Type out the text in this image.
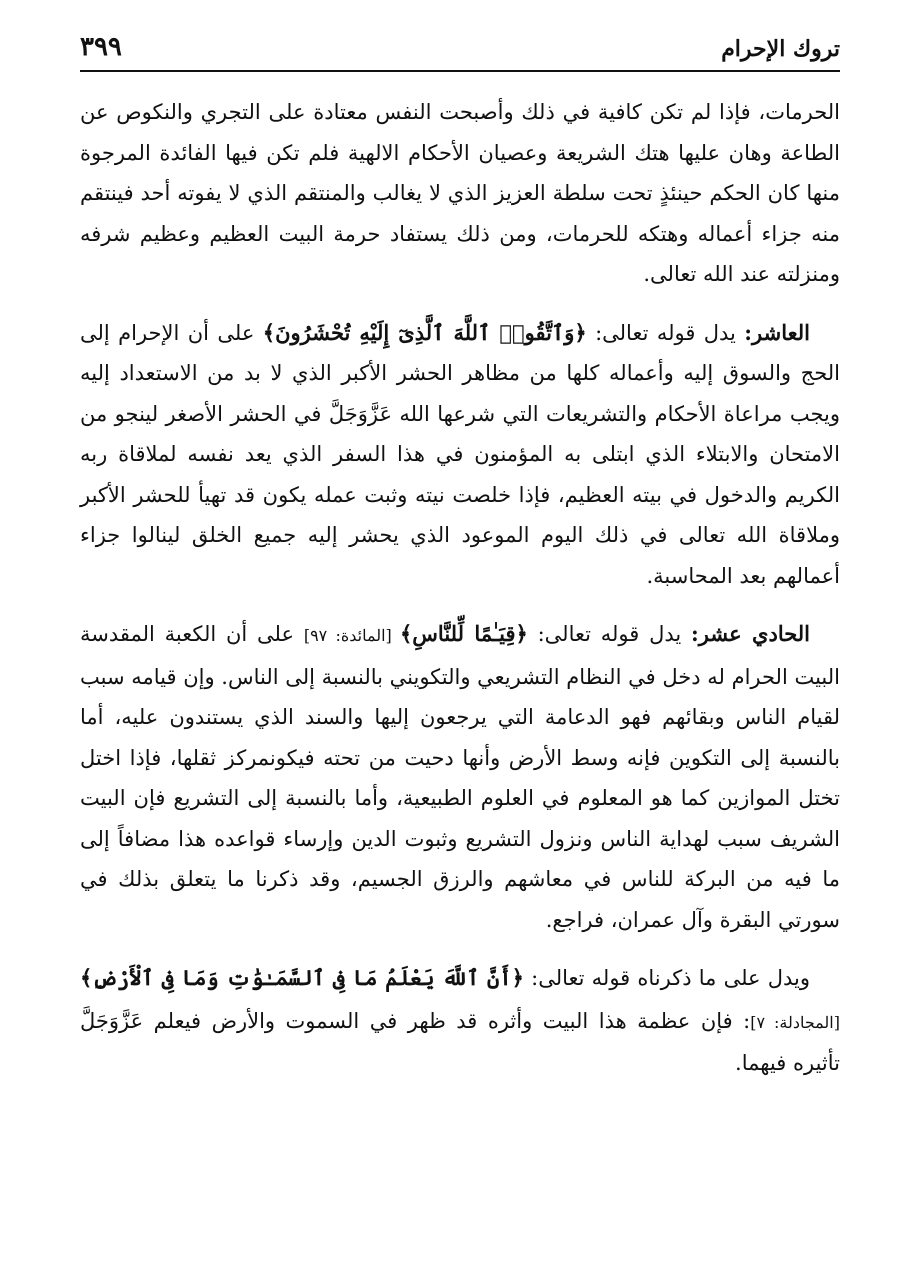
تروك الإحرام
٣٩٩

الحرمات، فإذا لم تكن كافية في ذلك وأصبحت النفس معتادة على التجري والنكوص عن الطاعة وهان عليها هتك الشريعة وعصيان الأحكام الالهية فلم تكن فيها الفائدة المرجوة منها كان الحكم حينئذٍ تحت سلطة العزيز الذي لا يغالب والمنتقم الذي لا يفوته أحد فينتقم منه جزاء أعماله وهتكه للحرمات، ومن ذلك يستفاد حرمة البيت العظيم وعظيم شرفه ومنزلته عند الله تعالى.

العاشر: يدل قوله تعالى: ﴿وَٱتَّقُوا۟ ٱللَّهَ ٱلَّذِىٓ إِلَيْهِ تُحْشَرُونَ﴾ على أن الإحرام إلى الحج والسوق إليه وأعماله كلها من مظاهر الحشر الأكبر الذي لا بد من الاستعداد إليه ويجب مراعاة الأحكام والتشريعات التي شرعها الله عَزَّوَجَلَّ في الحشر الأصغر لينجو من الامتحان والابتلاء الذي ابتلى به المؤمنون في هذا السفر الذي يعد نفسه لملاقاة ربه الكريم والدخول في بيته العظيم، فإذا خلصت نيته وثبت عمله يكون قد تهيأ للحشر الأكبر وملاقاة الله تعالى في ذلك اليوم الموعود الذي يحشر إليه جميع الخلق لينالوا جزاء أعمالهم بعد المحاسبة.

الحادي عشر: يدل قوله تعالى: ﴿قِيَـٰمًا لِّلنَّاسِ﴾ [المائدة: ٩٧] على أن الكعبة المقدسة البيت الحرام له دخل في النظام التشريعي والتكويني بالنسبة إلى الناس. وإن قيامه سبب لقيام الناس وبقائهم فهو الدعامة التي يرجعون إليها والسند الذي يستندون عليه، أما بالنسبة إلى التكوين فإنه وسط الأرض وأنها دحيت من تحته فيكونمركز ثقلها، فإذا اختل تختل الموازين كما هو المعلوم في العلوم الطبيعية، وأما بالنسبة إلى التشريع فإن البيت الشريف سبب لهداية الناس ونزول التشريع وثبوت الدين وإرساء قواعده هذا مضافاً إلى ما فيه من البركة للناس في معاشهم والرزق الجسيم، وقد ذكرنا ما يتعلق بذلك في سورتي البقرة وآل عمران، فراجع.

ويدل على ما ذكرناه قوله تعالى: ﴿أَنَّ ٱللَّهَ يَعْلَمُ مَا فِى ٱلسَّمَـٰوَٰتِ وَمَا فِى ٱلْأَرْضِ﴾ [المجادلة: ٧]: فإن عظمة هذا البيت وأثره قد ظهر في السموت والأرض فيعلم عَزَّوَجَلَّ تأثيره فيهما.
